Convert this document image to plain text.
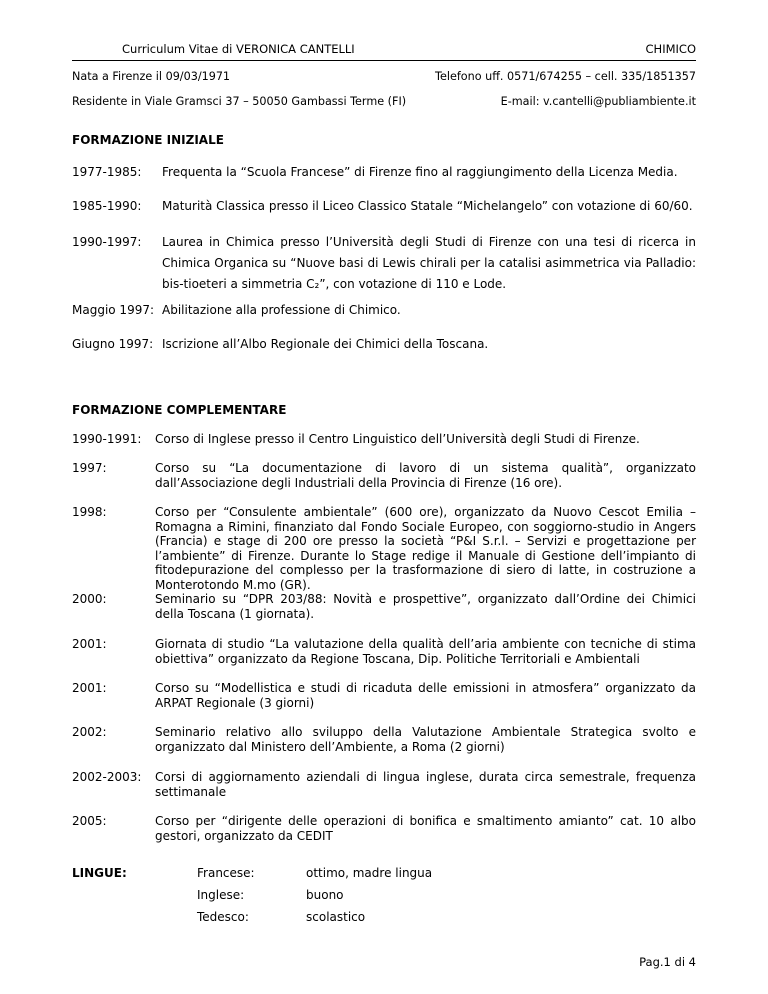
Curriculum Vitae di VERONICA CANTELLI	CHIMICO
Nata a Firenze il 09/03/1971	Telefono uff. 0571/674255 – cell. 335/1851357
Residente in Viale Gramsci 37 – 50050 Gambassi Terme (FI)	E-mail: v.cantelli@publiambiente.it
FORMAZIONE INIZIALE
1977-1985: Frequenta la “Scuola Francese” di Firenze fino al raggiungimento della Licenza Media.
1985-1990: Maturità Classica presso il Liceo Classico Statale “Michelangelo” con votazione di 60/60.
1990-1997: Laurea in Chimica presso l’Università degli Studi di Firenze con una tesi di ricerca in Chimica Organica su “Nuove basi di Lewis chirali per la catalisi asimmetrica via Palladio: bis-tioeteri a simmetria C₂”, con votazione di 110 e Lode.
Maggio 1997: Abilitazione alla professione di Chimico.
Giugno 1997: Iscrizione all’Albo Regionale dei Chimici della Toscana.
FORMAZIONE COMPLEMENTARE
1990-1991: Corso di Inglese presso il Centro Linguistico dell’Università degli Studi di Firenze.
1997:	Corso su “La documentazione di lavoro di un sistema qualità”, organizzato dall’Associazione degli Industriali della Provincia di Firenze (16 ore).
1998:	Corso per “Consulente ambientale” (600 ore), organizzato da Nuovo Cescot Emilia – Romagna a Rimini, finanziato dal Fondo Sociale Europeo, con soggiorno-studio in Angers (Francia) e stage di 200 ore presso la società “P&I S.r.l. – Servizi e progettazione per l’ambiente” di Firenze. Durante lo Stage redige il Manuale di Gestione dell’impianto di fitodepurazione del complesso per la trasformazione di siero di latte, in costruzione a Monterotondo M.mo (GR).
2000:	Seminario su “DPR 203/88: Novità e prospettive”, organizzato dall’Ordine dei Chimici della Toscana (1 giornata).
2001:	Giornata di studio “La valutazione della qualità dell’aria ambiente con tecniche di stima obiettiva” organizzato da Regione Toscana, Dip. Politiche Territoriali e Ambientali
2001:	Corso su “Modellistica e studi di ricaduta delle emissioni in atmosfera” organizzato da ARPAT Regionale (3 giorni)
2002:	Seminario relativo allo sviluppo della Valutazione Ambientale Strategica svolto e organizzato dal Ministero dell’Ambiente, a Roma (2 giorni)
2002-2003: Corsi di aggiornamento aziendali di lingua inglese, durata circa semestrale, frequenza settimanale
2005:	Corso per “dirigente delle operazioni di bonifica e smaltimento amianto” cat. 10 albo gestori, organizzato da CEDIT
LINGUE:	Francese:	ottimo, madre lingua
Inglese:	buono
Tedesco:	scolastico
Pag.1 di 4
